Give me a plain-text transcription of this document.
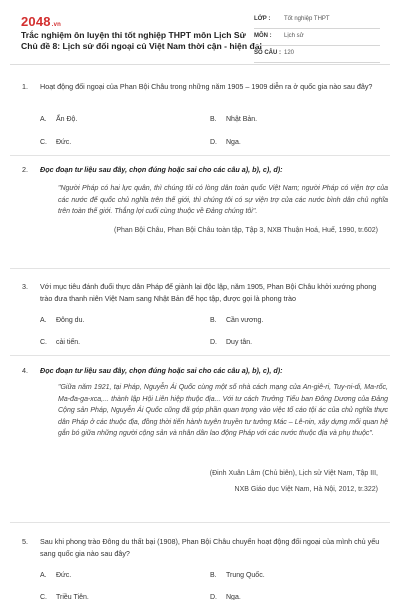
2048.vn
Trắc nghiệm ôn luyện thi tốt nghiệp THPT môn Lịch Sử
Chủ đề 8: Lịch sử đối ngoại củ Việt Nam thời cận - hiện đại
LỚP : Tốt nghiệp THPT
MÔN : Lịch sử
SỐ CÂU : 120
1. Hoạt động đối ngoại của Phan Bội Châu trong những năm 1905 – 1909 diễn ra ở quốc gia nào sau đây?
A. Ấn Độ.	B. Nhật Bản.
C. Đức.	D. Nga.
2. Đọc đoạn tư liệu sau đây, chọn đúng hoặc sai cho các câu a), b), c), d):
"Người Pháp có hai lực quân, thì chúng tôi có lòng dân toàn quốc Việt Nam; người Pháp có viện trợ của các nước đế quốc chủ nghĩa trên thế giới, thì chúng tôi có sự viện trợ của các nước bình dân chủ nghĩa trên toàn thế giới. Thắng lợi cuối cùng thuộc về Đảng chúng tôi".
(Phan Bội Châu, Phan Bội Châu toàn tập, Tập 3, NXB Thuận Hoá, Huế, 1990, tr.602)
3. Với mục tiêu đánh đuổi thực dân Pháp để giành lại độc lập, năm 1905, Phan Bội Châu khởi xướng phong trào đưa thanh niên Việt Nam sang Nhật Bản để học tập, được gọi là phong trào
A. Đông du.	B. Cần vương.
C. cải tiến.	D. Duy tân.
4. Đọc đoạn tư liệu sau đây, chọn đúng hoặc sai cho các câu a), b), c), d):
"Giữa năm 1921, tại Pháp, Nguyễn Ái Quốc cùng một số nhà cách mạng của An-giê-ri, Tuy-ni-di, Ma-rốc, Ma-đa-ga-xca,... thành lập Hội Liên hiệp thuộc địa... Với tư cách Trưởng Tiểu ban Đông Dương của Đảng Cộng sản Pháp, Nguyễn Ái Quốc cũng đã góp phần quan trọng vào việc tổ cáo tội ác của chủ nghĩa thực dân Pháp ở các thuộc địa, đồng thời tiến hành tuyên truyền tư tưởng Mác – Lê-nin, xây dựng mối quan hệ gắn bó giữa những người cộng sản và nhân dân lao động Pháp với các nước thuộc địa và phụ thuộc".
(Đinh Xuân Lâm (Chủ biên), Lịch sử Việt Nam, Tập III,
NXB Giáo dục Việt Nam, Hà Nội, 2012, tr.322)
5. Sau khi phong trào Đông du thất bại (1908), Phan Bội Châu chuyển hoạt động đối ngoại của mình chủ yếu sang quốc gia nào sau đây?
A. Đức.	B. Trung Quốc.
C. Triều Tiên.	D. Nga.
